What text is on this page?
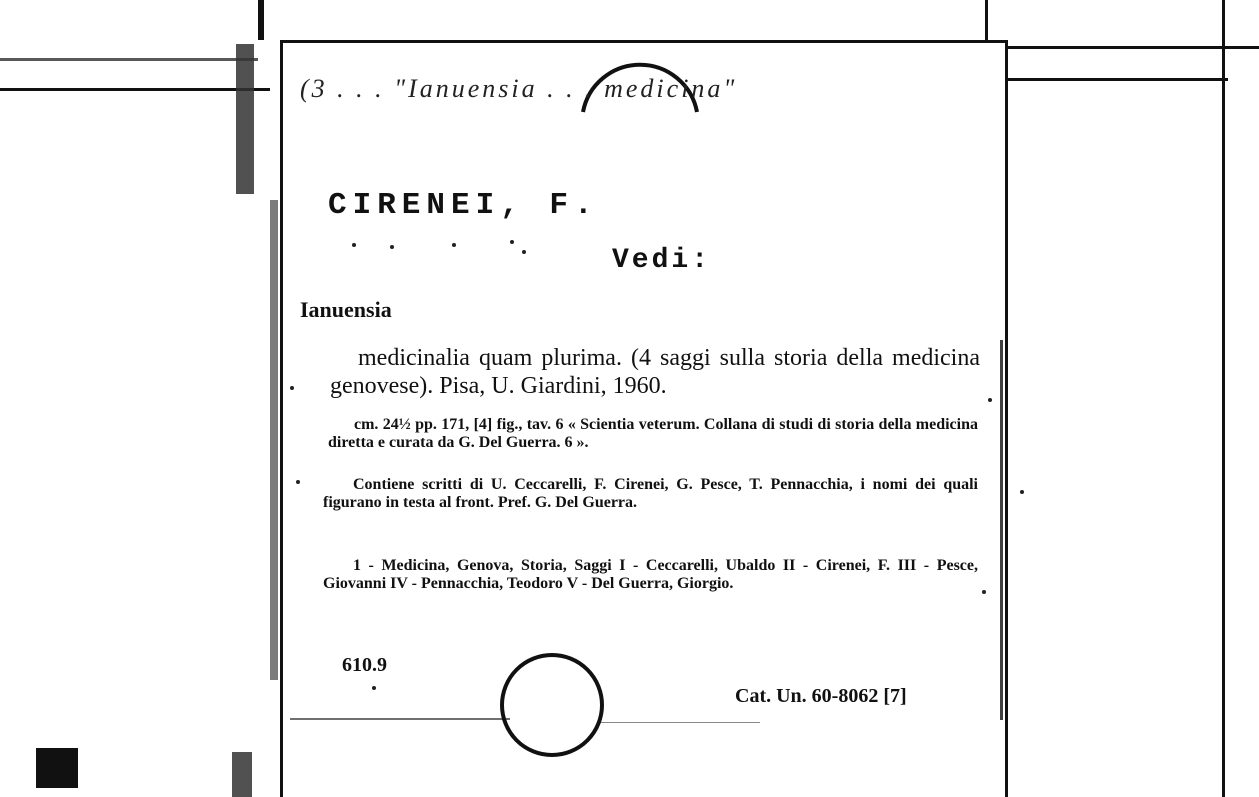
(3 . . . "Ianuensia . . . medicina"
CIRENEI, F.
Vedi:
Ianuensia
medicinalia quam plurima. (4 saggi sulla storia della medicina genovese). Pisa, U. Giardini, 1960.
cm. 24½ pp. 171, [4] fig., tav. 6 « Scientia veterum. Collana di studi di storia della medicina diretta e curata da G. Del Guerra. 6 ».
Contiene scritti di U. Ceccarelli, F. Cirenei, G. Pesce, T. Pennacchia, i nomi dei quali figurano in testa al front. Pref. G. Del Guerra.
1 - Medicina, Genova, Storia, Saggi I - Ceccarelli, Ubaldo II - Cirenei, F. III - Pesce, Giovanni IV - Pennacchia, Teodoro V - Del Guerra, Giorgio.
610.9
Cat. Un. 60-8062 [7]
